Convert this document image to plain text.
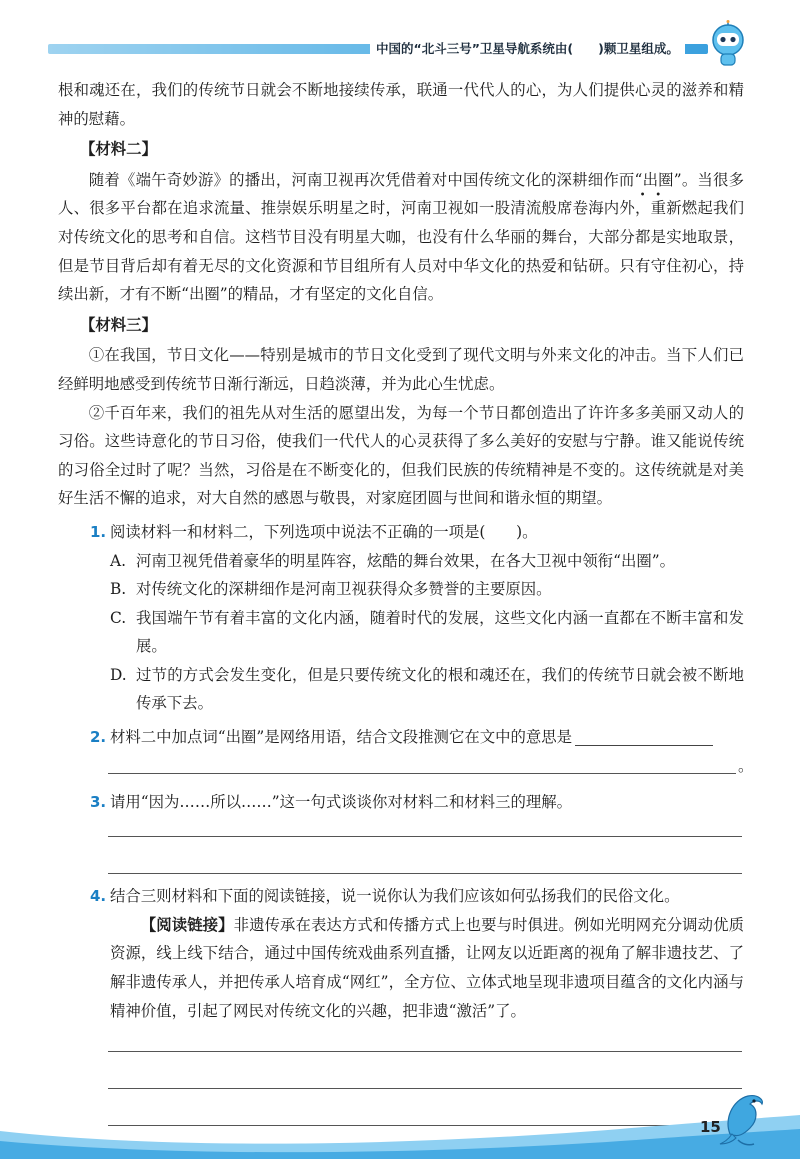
中国的“北斗三号”卫星导航系统由(　　)颗卫星组成。

根和魂还在，我们的传统节日就会不断地接续传承，联通一代代人的心，为人们提供心灵的滋养和精神的慰藉。

【材料二】

随着《端午奇妙游》的播出，河南卫视再次凭借着对中国传统文化的深耕细作而“出圈”。当很多人、很多平台都在追求流量、推崇娱乐明星之时，河南卫视如一股清流般席卷海内外， •重新燃起我们对传统文化的思考和自信。这档节目没有明星大咖，也没有什么华丽的舞台，大部分都是实地取景，但是节目背后却有着无尽的文化资源和节目组所有人员对中华文化的热爱和钻研。只有守住初心，持续出新，才有不断“出圈”的精品，才有坚定的文化自信。

【材料三】

①在我国，节日文化——特别是城市的节日文化受到了现代文明与外来文化的冲击。当下人们已经鲜明地感受到传统节日渐行渐远，日趋淡薄，并为此心生忧虑。

②千百年来，我们的祖先从对生活的愿望出发，为每一个节日都创造出了许许多多美丽又动人的习俗。这些诗意化的节日习俗，使我们一代代人的心灵获得了多么美好的安慰与宁静。谁又能说传统的习俗全过时了呢？当然，习俗是在不断变化的，但我们民族的传统精神是不变的。这传统就是对美好生活不懈的追求，对大自然的感恩与敬畏，对家庭团圆与世间和谐永恒的期望。

1. 阅读材料一和材料二，下列选项中说法不正确的一项是(　　)。

A. 河南卫视凭借着豪华的明星阵容，炫酷的舞台效果，在各大卫视中领衔“出圈”。

B. 对传统文化的深耕细作是河南卫视获得众多赞誉的主要原因。

C. 我国端午节有着丰富的文化内涵，随着时代的发展，这些文化内涵一直都在不断丰富和发展。

D. 过节的方式会发生变化，但是只要传统文化的根和魂还在，我们的传统节日就会被不断地传承下去。

2. 材料二中加点词“出圈”是网络用语，结合文段推测它在文中的意思是

。
3. 请用“因为……所以……”这一句式谈谈你对材料二和材料三的理解。

4. 结合三则材料和下面的阅读链接，说一说你认为我们应该如何弘扬我们的民俗文化。

【阅读链接】非遗传承在表达方式和传播方式上也要与时俱进。例如光明网充分调动优质资源，线上线下结合，通过中国传统戏曲系列直播，让网友以近距离的视角了解非遗技艺、了解非遗传承人，并把传承人培育成“网红”，全方位、立体式地呈现非遗项目蕴含的文化内涵与精神价值，引起了网民对传统文化的兴趣，把非遗“激活”了。

15
